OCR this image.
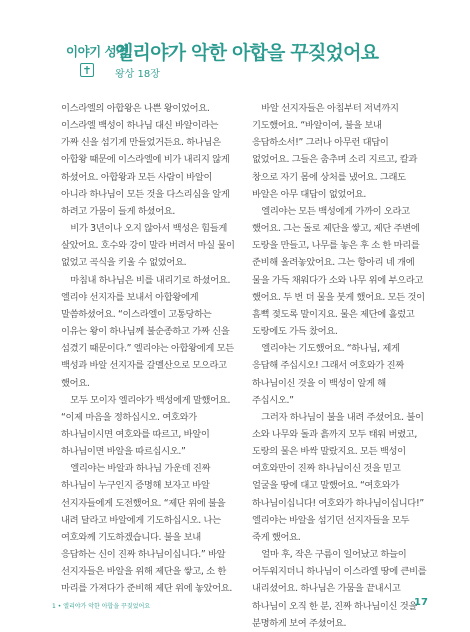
이야기 성경
엘리야가 악한 아합을 꾸짖었어요
왕상 18장

이스라엘의 아합왕은 나쁜 왕이었어요. 이스라엘 백성이 하나님 대신 바알이라는 가짜 신을 섬기게 만들었거든요. 하나님은 아합왕 때문에 이스라엘에 비가 내리지 않게 하셨어요. 아합왕과 모든 사람이 바알이 아니라 하나님이 모든 것을 다스리심을 알게 하려고 가뭄이 들게 하셨어요.

비가 3년이나 오지 않아서 백성은 힘들게 살았어요. 호수와 강이 말라 버려서 마실 물이 없었고 곡식을 키울 수 없었어요.

마침내 하나님은 비를 내리기로 하셨어요. 엘리야 선지자를 보내서 아합왕에게 말씀하셨어요. “이스라엘이 고통당하는 이유는 왕이 하나님께 불순종하고 가짜 신을 섬겼기 때문이다.” 엘리야는 아합왕에게 모든 백성과 바알 선지자를 갈멜산으로 모으라고 했어요.

모두 모이자 엘리야가 백성에게 말했어요. “이제 마음을 정하십시오. 여호와가 하나님이시면 여호와를 따르고, 바알이 하나님이면 바알을 따르십시오.”

엘리야는 바알과 하나님 가운데 진짜 하나님이 누구인지 증명해 보자고 바알 선지자들에게 도전했어요. “제단 위에 불을 내려 달라고 바알에게 기도하십시오. 나는 여호와께 기도하겠습니다. 불을 보내 응답하는 신이 진짜 하나님이십니다.” 바알 선지자들은 바알을 위해 제단을 쌓고, 소 한 마리를 가져다가 준비해 제단 위에 놓았어요.

바알 선지자들은 아침부터 저녁까지 기도했어요. “바알이여, 불을 보내 응답하소서!” 그러나 아무런 대답이 없었어요. 그들은 춤추며 소리 지르고, 칼과 창으로 자기 몸에 상처를 냈어요. 그래도 바알은 아무 대답이 없었어요.

엘리야는 모든 백성에게 가까이 오라고 했어요. 그는 돌로 제단을 쌓고, 제단 주변에 도랑을 만들고, 나무를 놓은 후 소 한 마리를 준비해 올려놓았어요. 그는 항아리 네 개에 물을 가득 채워다가 소와 나무 위에 부으라고 했어요. 두 번 더 물을 붓게 했어요. 모든 것이 흠뻑 젖도록 말이지요. 물은 제단에 흘렀고 도랑에도 가득 찼어요.

엘리야는 기도했어요. “하나님, 제게 응답해 주십시오! 그래서 여호와가 진짜 하나님이신 것을 이 백성이 알게 해 주십시오.”

그러자 하나님이 불을 내려 주셨어요. 불이 소와 나무와 돌과 흙까지 모두 태워 버렸고, 도랑의 물은 바싹 말랐지요. 모든 백성이 여호와만이 진짜 하나님이신 것을 믿고 얼굴을 땅에 대고 말했어요. “여호와가 하나님이십니다! 여호와가 하나님이십니다!” 엘리야는 바알을 섬기던 선지자들을 모두 죽게 했어요.

얼마 후, 작은 구름이 일어났고 하늘이 어두워지더니 하나님이 이스라엘 땅에 큰비를 내리셨어요. 하나님은 가뭄을 끝내시고 하나님이 오직 한 분, 진짜 하나님이신 것을 분명하게 보여 주셨어요.

1 • 엘리야가 악한 아합을 꾸짖었어요	17
